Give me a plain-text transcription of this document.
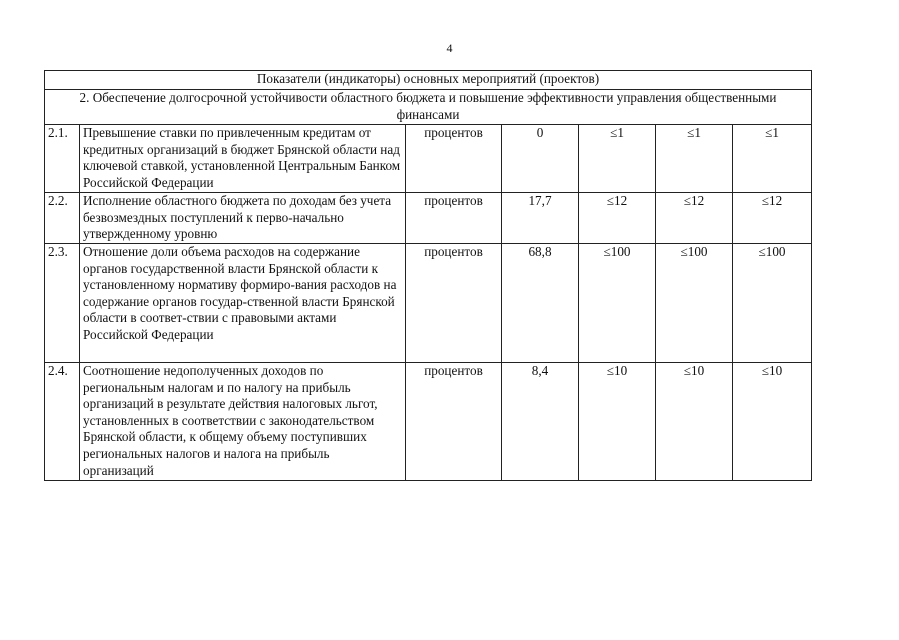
4
Показатели (индикаторы) основных мероприятий (проектов)						
2. Обеспечение долгосрочной устойчивости областного бюджета и повышение эффективности управления общественными финансами						
2.1.	Превышение ставки по привлеченным кредитам от кредитных организаций в бюджет Брянской области над ключевой ставкой, установленной Центральным Банком Российской Федерации	процентов	0	≤1	≤1	≤1
2.2.	Исполнение областного бюджета по доходам без учета безвозмездных поступлений к перво-начально утвержденному уровню	процентов	17,7	≤12	≤12	≤12
2.3.	Отношение доли объема расходов на содержание органов государственной власти Брянской области к установленному нормативу формиро-вания расходов на содержание органов государ-ственной власти Брянской области в соответ-ствии с правовыми актами Российской Федерации	процентов	68,8	≤100	≤100	≤100
2.4.	Соотношение недополученных доходов по региональным налогам и по налогу на прибыль организаций в результате действия налоговых льгот, установленных в соответствии с законодательством Брянской области, к общему объему поступивших региональных налогов и налога на прибыль организаций	процентов	8,4	≤10	≤10	≤10
